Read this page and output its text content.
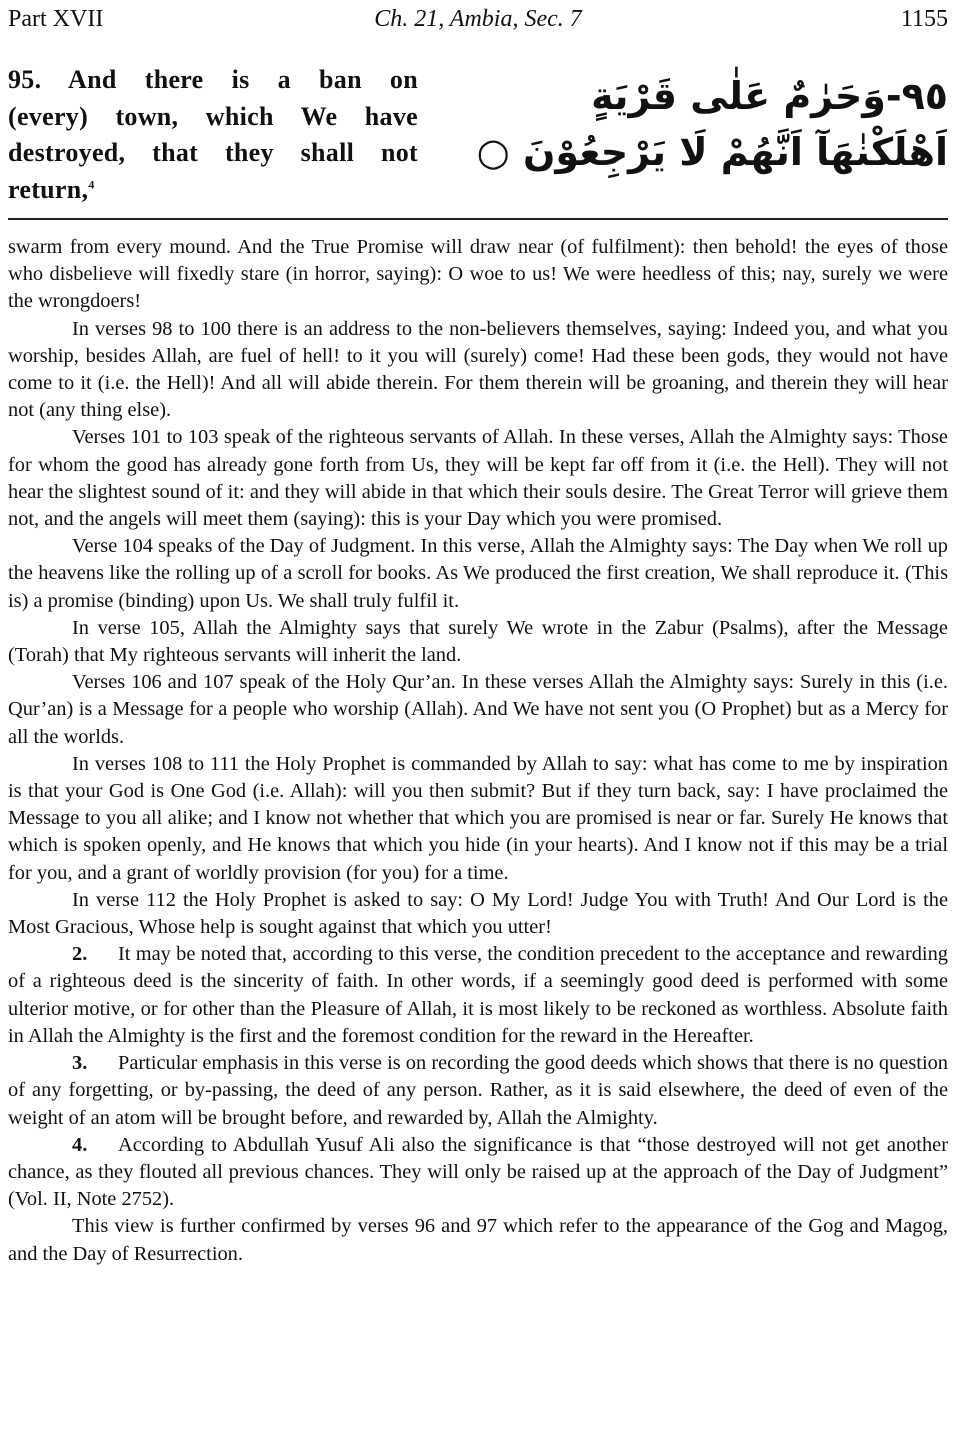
Part XVII	Ch. 21, Ambia, Sec. 7	1155
95. And there is a ban on
(every) town, which We have
destroyed, that they shall not
return,$^4$
٩٥-وَحَرٰمٌ عَلٰى قَرْيَةٍ
اَهْلَكْنٰهَآ اَنَّهُمْ لَا يَرْجِعُوْنَ ○

swarm from every mound. And the True Promise will draw near (of fulfilment): then behold! the eyes of those who disbelieve will fixedly stare (in horror, saying): O woe to us! We were heedless of this; nay, surely we were the wrongdoers!

In verses 98 to 100 there is an address to the non-believers themselves, saying: Indeed you, and what you worship, besides Allah, are fuel of hell! to it you will (surely) come! Had these been gods, they would not have come to it (i.e. the Hell)! And all will abide therein. For them therein will be groaning, and therein they will hear not (any thing else).

Verses 101 to 103 speak of the righteous servants of Allah. In these verses, Allah the Almighty says: Those for whom the good has already gone forth from Us, they will be kept far off from it (i.e. the Hell). They will not hear the slightest sound of it: and they will abide in that which their souls desire. The Great Terror will grieve them not, and the angels will meet them (saying): this is your Day which you were promised.

Verse 104 speaks of the Day of Judgment. In this verse, Allah the Almighty says: The Day when We roll up the heavens like the rolling up of a scroll for books. As We produced the first creation, We shall reproduce it. (This is) a promise (binding) upon Us. We shall truly fulfil it.

In verse 105, Allah the Almighty says that surely We wrote in the Zabur (Psalms), after the Message (Torah) that My righteous servants will inherit the land.

Verses 106 and 107 speak of the Holy Qur’an. In these verses Allah the Almighty says: Surely in this (i.e. Qur’an) is a Message for a people who worship (Allah). And We have not sent you (O Prophet) but as a Mercy for all the worlds.

In verses 108 to 111 the Holy Prophet is commanded by Allah to say: what has come to me by inspiration is that your God is One God (i.e. Allah): will you then submit? But if they turn back, say: I have proclaimed the Message to you all alike; and I know not whether that which you are promised is near or far. Surely He knows that which is spoken openly, and He knows that which you hide (in your hearts). And I know not if this may be a trial for you, and a grant of worldly provision (for you) for a time.

In verse 112 the Holy Prophet is asked to say: O My Lord! Judge You with Truth! And Our Lord is the Most Gracious, Whose help is sought against that which you utter!

2. It may be noted that, according to this verse, the condition precedent to the acceptance and rewarding of a righteous deed is the sincerity of faith. In other words, if a seemingly good deed is performed with some ulterior motive, or for other than the Pleasure of Allah, it is most likely to be reckoned as worthless. Absolute faith in Allah the Almighty is the first and the foremost condition for the reward in the Hereafter.

3. Particular emphasis in this verse is on recording the good deeds which shows that there is no question of any forgetting, or by-passing, the deed of any person. Rather, as it is said elsewhere, the deed of even of the weight of an atom will be brought before, and rewarded by, Allah the Almighty.

4. According to Abdullah Yusuf Ali also the significance is that “those destroyed will not get another chance, as they flouted all previous chances. They will only be raised up at the approach of the Day of Judgment” (Vol. II, Note 2752).

This view is further confirmed by verses 96 and 97 which refer to the appearance of the Gog and Magog, and the Day of Resurrection.
